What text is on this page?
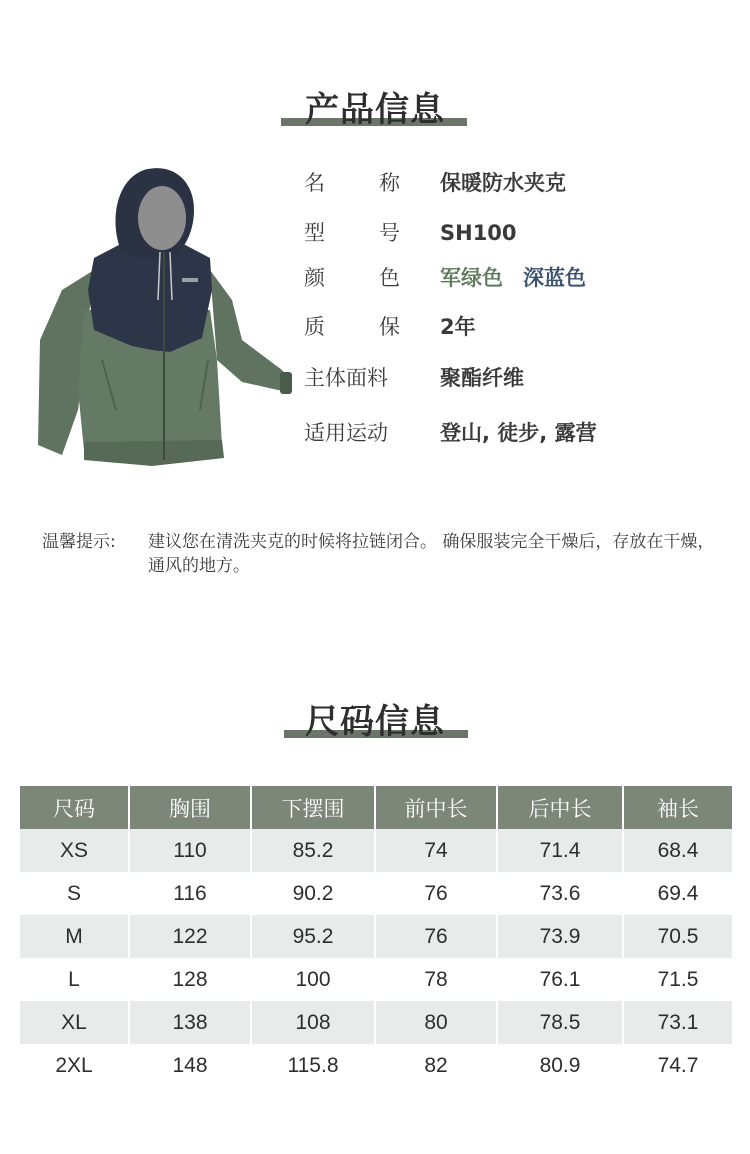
产品信息
名	称 保暖防水夹克
型	号 SH100
颜	色 军绿色 深蓝色
质	保 2年
主体面料	聚酯纤维
适用运动	登山, 徒步, 露营
温馨提示:	建议您在清洗夹克的时候将拉链闭合。 确保服装完全干燥后，存放在干燥，通风的地方。
尺码信息
尺码	胸围	下摆围	前中长	后中长	袖长
XS	110	85.2	74	71.4	68.4
S	116	90.2	76	73.6	69.4
M	122	95.2	76	73.9	70.5
L	128	100	78	76.1	71.5
XL	138	108	80	78.5	73.1
2XL	148	115.8	82	80.9	74.7
